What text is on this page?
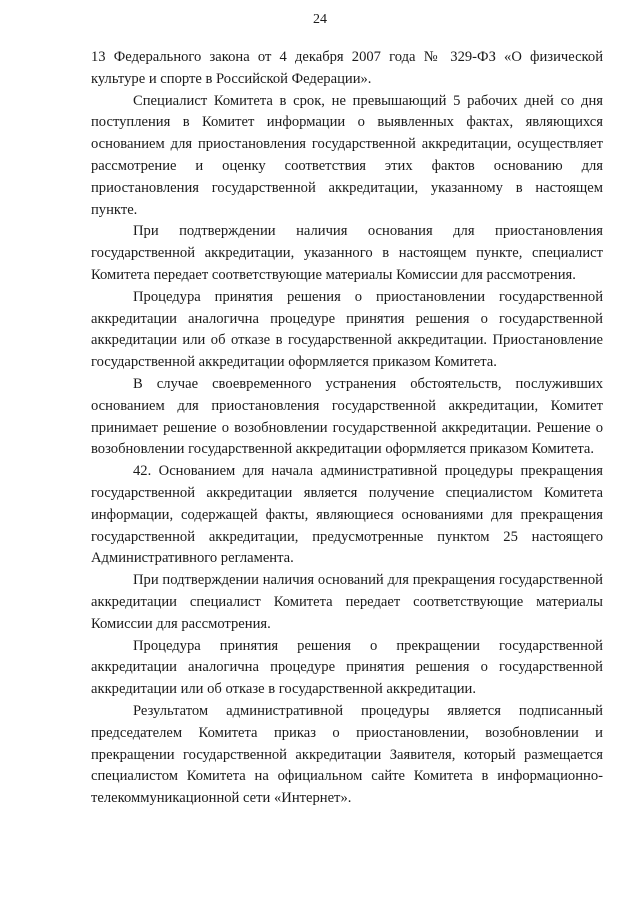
24

13 Федерального закона от 4 декабря 2007 года № 329-ФЗ «О физической культуре и спорте в Российской Федерации».

Специалист Комитета в срок, не превышающий 5 рабочих дней со дня поступления в Комитет информации о выявленных фактах, являющихся основанием для приостановления государственной аккредитации, осуществляет рассмотрение и оценку соответствия этих фактов основанию для приостановления государственной аккредитации, указанному в настоящем пункте.

При подтверждении наличия основания для приостановления государственной аккредитации, указанного в настоящем пункте, специалист Комитета передает соответствующие материалы Комиссии для рассмотрения.

Процедура принятия решения о приостановлении государственной аккредитации аналогична процедуре принятия решения о государственной аккредитации или об отказе в государственной аккредитации. Приостановление государственной аккредитации оформляется приказом Комитета.

В случае своевременного устранения обстоятельств, послуживших основанием для приостановления государственной аккредитации, Комитет принимает решение о возобновлении государственной аккредитации. Решение о возобновлении государственной аккредитации оформляется приказом Комитета.

42. Основанием для начала административной процедуры прекращения государственной аккредитации является получение специалистом Комитета информации, содержащей факты, являющиеся основаниями для прекращения государственной аккредитации, предусмотренные пунктом 25 настоящего Административного регламента.

При подтверждении наличия оснований для прекращения государственной аккредитации специалист Комитета передает соответствующие материалы Комиссии для рассмотрения.

Процедура принятия решения о прекращении государственной аккредитации аналогична процедуре принятия решения о государственной аккредитации или об отказе в государственной аккредитации.

Результатом административной процедуры является подписанный председателем Комитета приказ о приостановлении, возобновлении и прекращении государственной аккредитации Заявителя, который размещается специалистом Комитета на официальном сайте Комитета в информационно-телекоммуникационной сети «Интернет».
